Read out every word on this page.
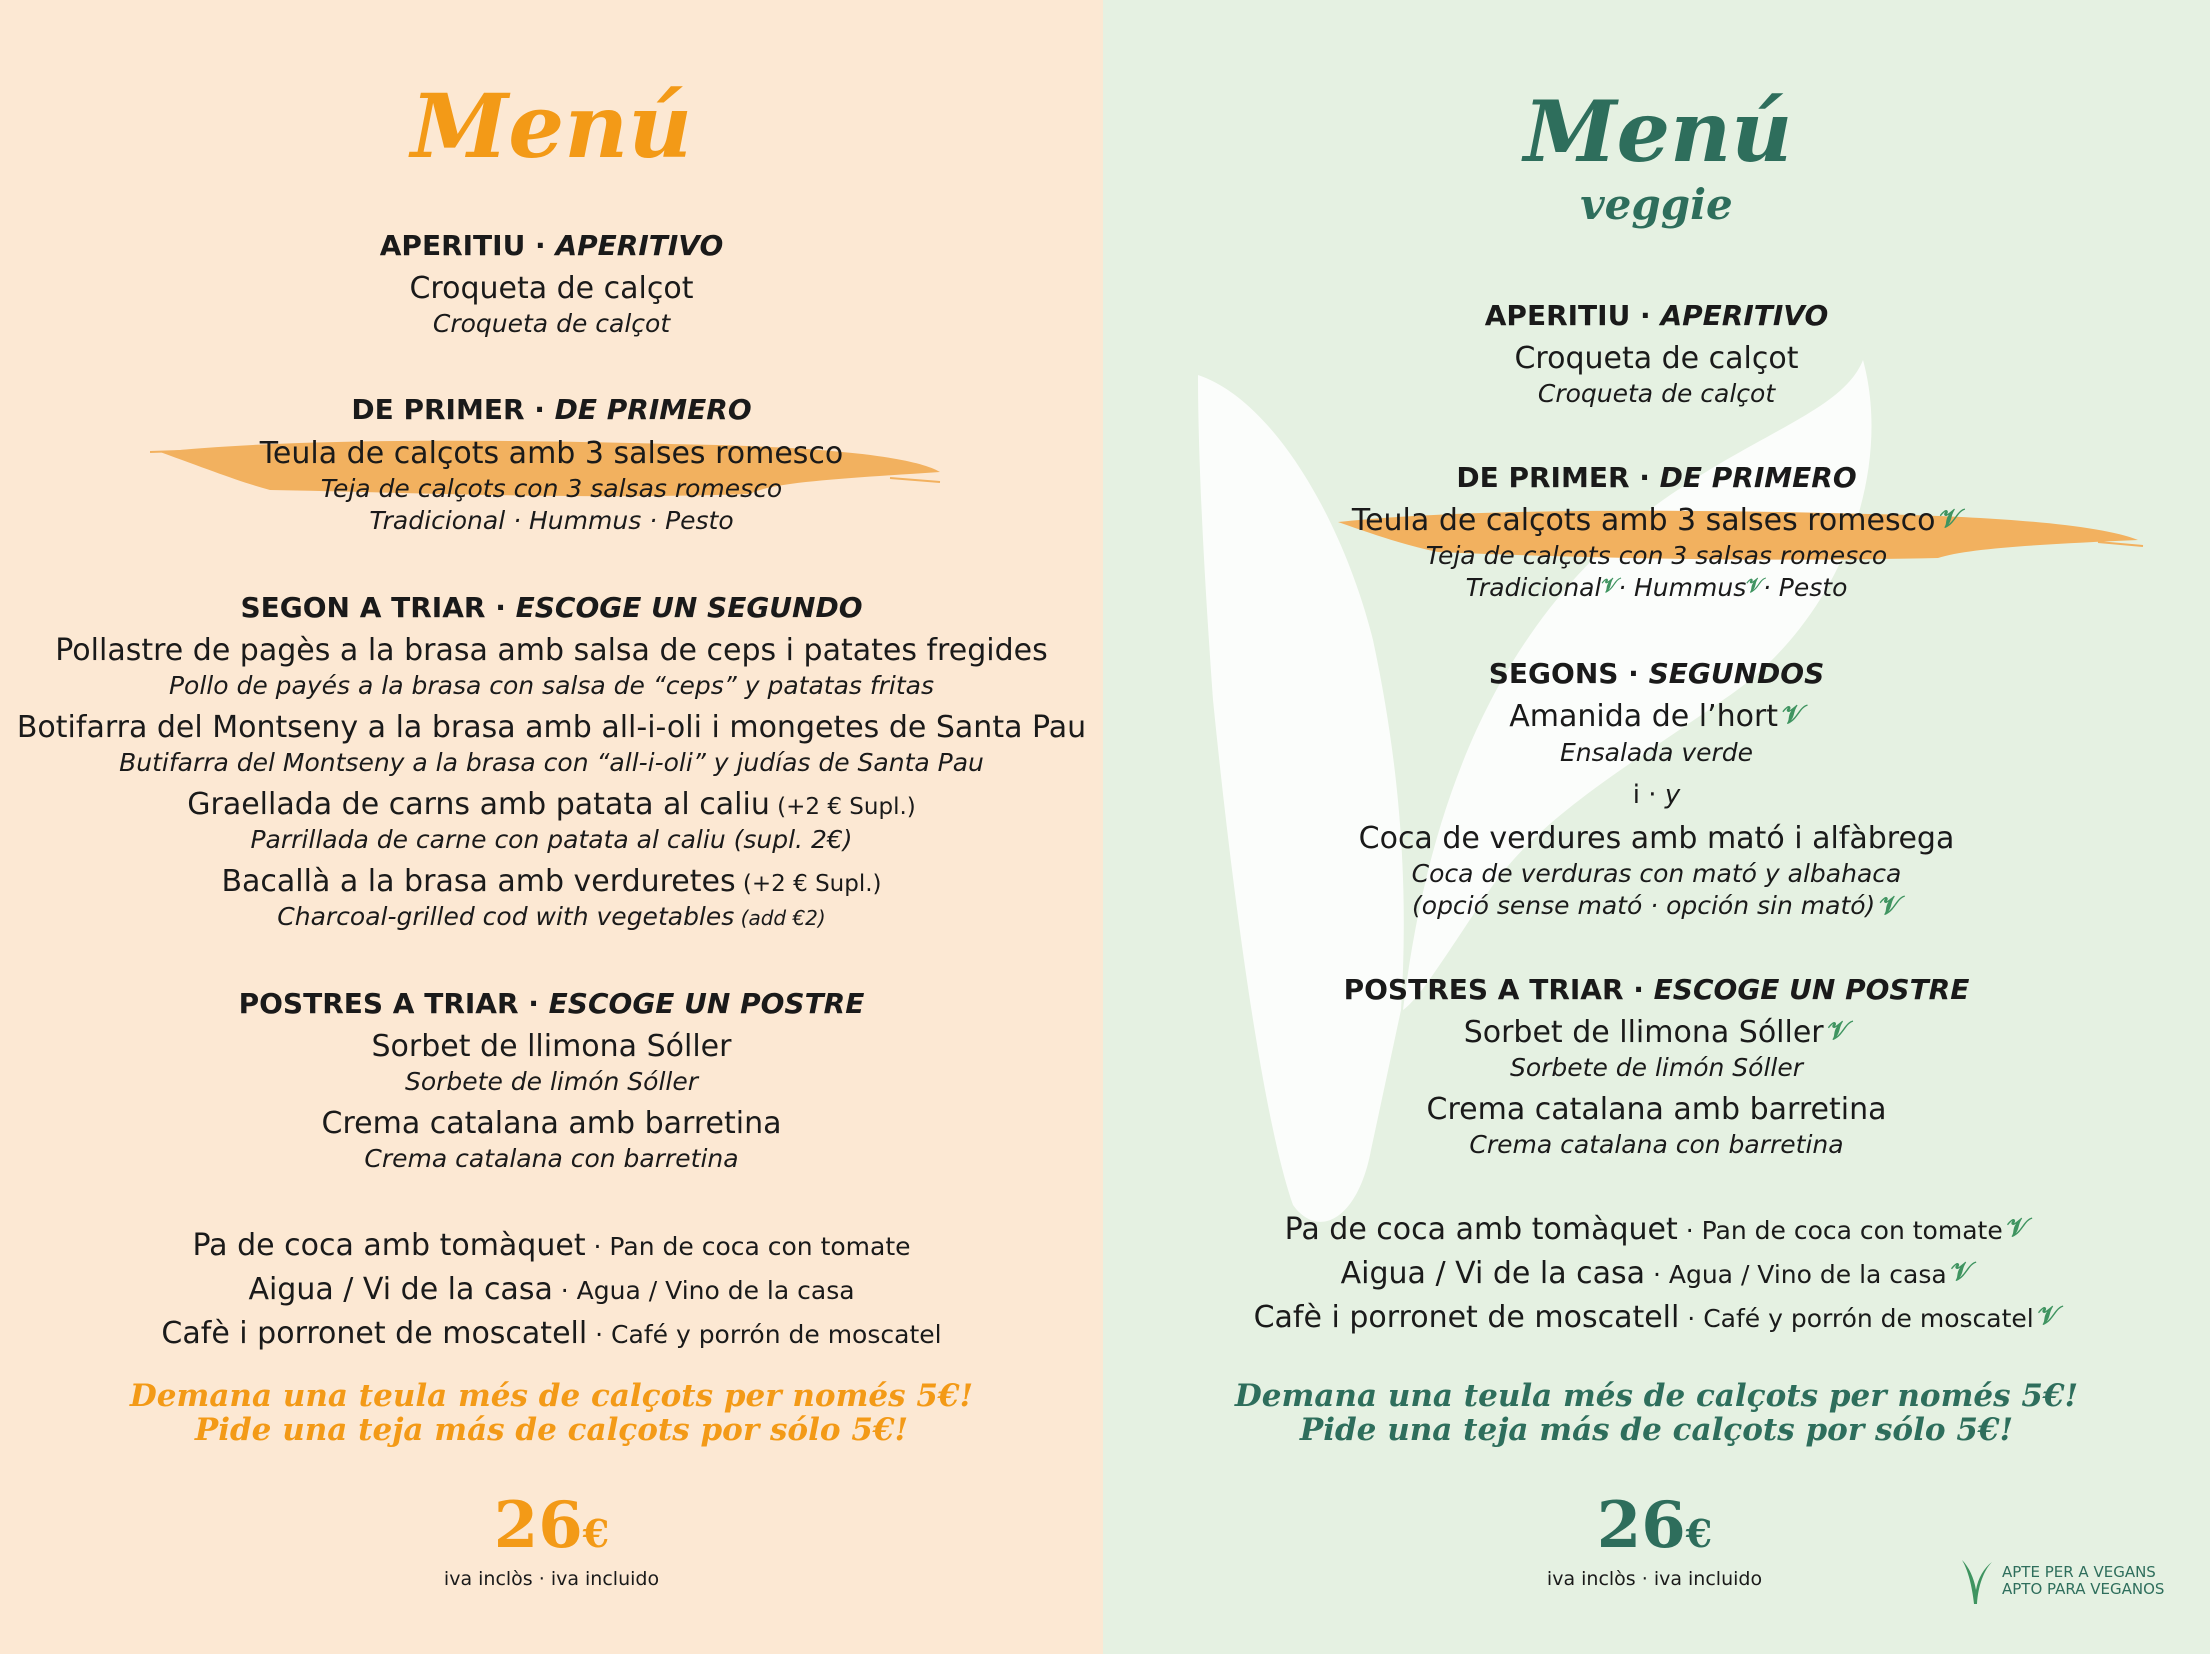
Menú
APERITIU · APERITIVO
Croqueta de calçot
Croqueta de calçot
DE PRIMER · DE PRIMERO
Teula de calçots amb 3 salses romesco
Teja de calçots con 3 salsas romesco
Tradicional · Hummus · Pesto
SEGON A TRIAR · ESCOGE UN SEGUNDO
Pollastre de pagès a la brasa amb salsa de ceps i patates fregides
Pollo de payés a la brasa con salsa de “ceps” y patatas fritas
Botifarra del Montseny a la brasa amb all-i-oli i mongetes de Santa Pau
Butifarra del Montseny a la brasa con “all-i-oli” y judías de Santa Pau
Graellada de carns amb patata al caliu (+2 € Supl.)
Parrillada de carne con patata al caliu (supl. 2€)
Bacallà a la brasa amb verduretes (+2 € Supl.)
Charcoal-grilled cod with vegetables (add €2)
POSTRES A TRIAR · ESCOGE UN POSTRE
Sorbet de llimona Sóller
Sorbete de limón Sóller
Crema catalana amb barretina
Crema catalana con barretina
Pa de coca amb tomàquet · Pan de coca con tomate
Aigua / Vi de la casa · Agua / Vino de la casa
Cafè i porronet de moscatell · Café y porrón de moscatel
Demana una teula més de calçots per només 5€!
Pide una teja más de calçots por sólo 5€!
26€
iva inclòs · iva incluido
Menú
veggie
APERITIU · APERITIVO
Croqueta de calçot
Croqueta de calçot
DE PRIMER · DE PRIMERO
Teula de calçots amb 3 salses romesco 𝒱
Teja de calçots con 3 salsas romesco
Tradicional𝒱· Hummus𝒱· Pesto
SEGONS · SEGUNDOS
Amanida de l’hort 𝒱
Ensalada verde
i · y
Coca de verdures amb mató i alfàbrega
Coca de verduras con mató y albahaca
(opció sense mató · opción sin mató) 𝒱
POSTRES A TRIAR · ESCOGE UN POSTRE
Sorbet de llimona Sóller 𝒱
Sorbete de limón Sóller
Crema catalana amb barretina
Crema catalana con barretina
Pa de coca amb tomàquet · Pan de coca con tomate 𝒱
Aigua / Vi de la casa · Agua / Vino de la casa 𝒱
Cafè i porronet de moscatell · Café y porrón de moscatel 𝒱
Demana una teula més de calçots per només 5€!
Pide una teja más de calçots por sólo 5€!
26€
iva inclòs · iva incluido	APTE PER A VEGANS
APTO PARA VEGANOS
